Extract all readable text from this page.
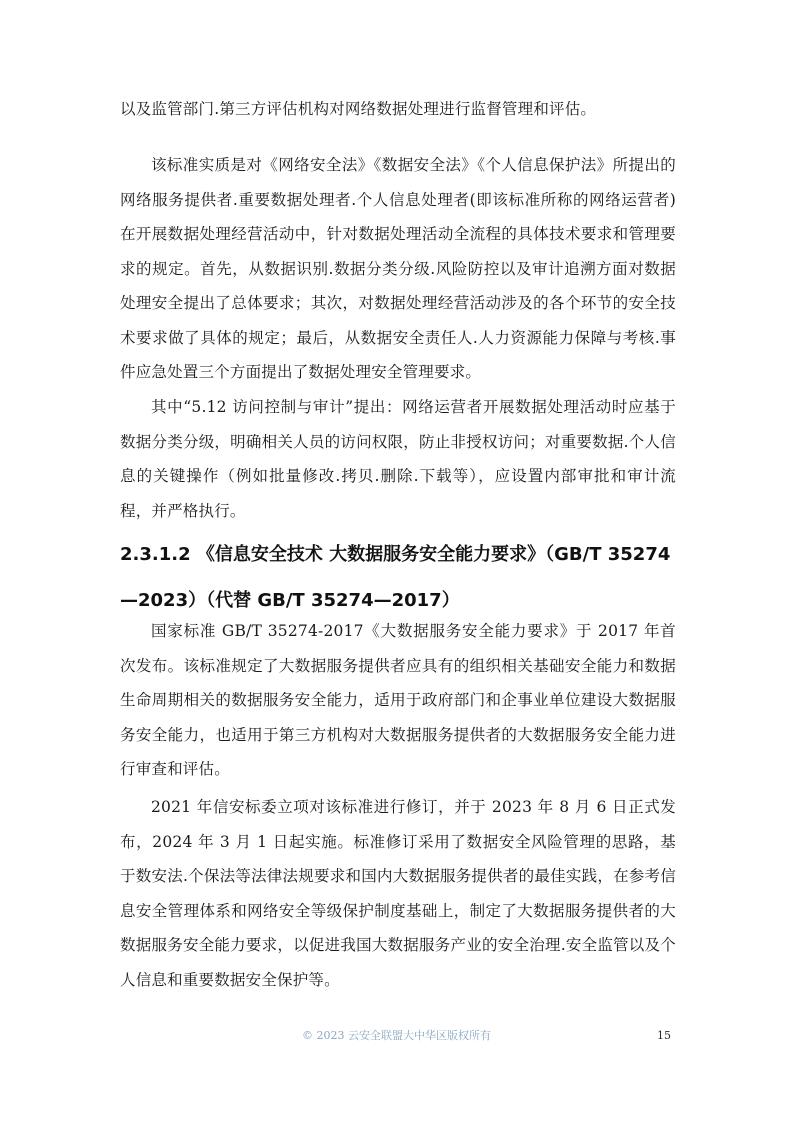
以及监管部门.第三方评估机构对网络数据处理进行监督管理和评估。

该标准实质是对《网络安全法》《数据安全法》《个人信息保护法》所提出的网络服务提供者.重要数据处理者.个人信息处理者(即该标准所称的网络运营者)在开展数据处理经营活动中，针对数据处理活动全流程的具体技术要求和管理要求的规定。首先，从数据识别.数据分类分级.风险防控以及审计追溯方面对数据处理安全提出了总体要求；其次，对数据处理经营活动涉及的各个环节的安全技术要求做了具体的规定；最后，从数据安全责任人.人力资源能力保障与考核.事件应急处置三个方面提出了数据处理安全管理要求。

其中“5.12 访问控制与审计”提出：网络运营者开展数据处理活动时应基于数据分类分级，明确相关人员的访问权限，防止非授权访问；对重要数据.个人信息的关键操作（例如批量修改.拷贝.删除.下载等），应设置内部审批和审计流程，并严格执行。

2.3.1.2 《信息安全技术 大数据服务安全能力要求》（GB/T 35274—2023）（代替 GB/T 35274—2017）

国家标准 GB/T 35274-2017《大数据服务安全能力要求》于 2017 年首次发布。该标准规定了大数据服务提供者应具有的组织相关基础安全能力和数据生命周期相关的数据服务安全能力，适用于政府部门和企事业单位建设大数据服务安全能力，也适用于第三方机构对大数据服务提供者的大数据服务安全能力进行审查和评估。

2021 年信安标委立项对该标准进行修订，并于 2023 年 8 月 6 日正式发布，2024 年 3 月 1 日起实施。标准修订采用了数据安全风险管理的思路，基于数安法.个保法等法律法规要求和国内大数据服务提供者的最佳实践，在参考信息安全管理体系和网络安全等级保护制度基础上，制定了大数据服务提供者的大数据服务安全能力要求，以促进我国大数据服务产业的安全治理.安全监管以及个人信息和重要数据安全保护等。

© 2023 云安全联盟大中华区版权所有	15
